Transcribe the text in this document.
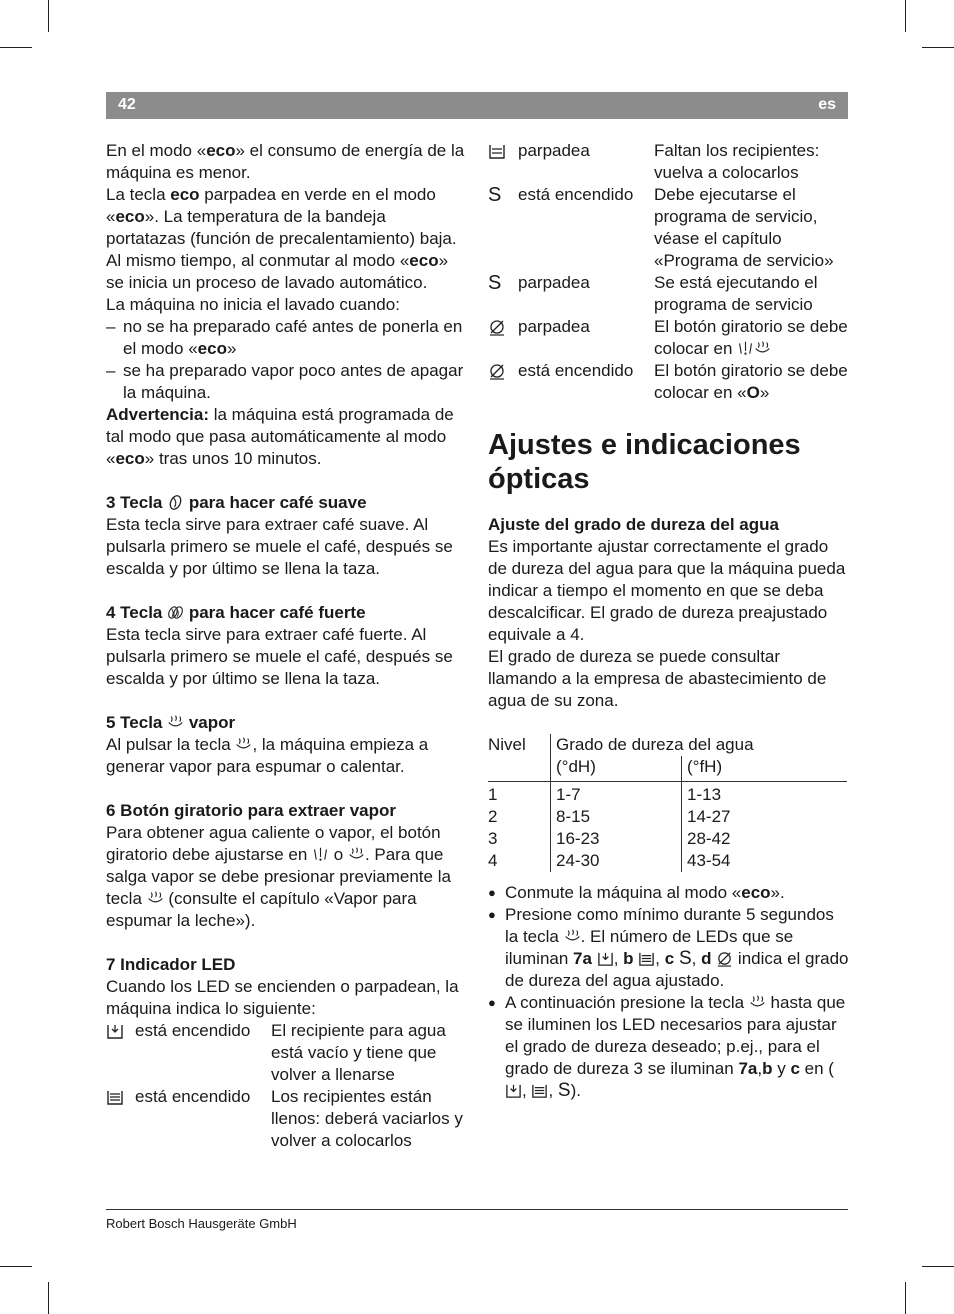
42	es

En el modo «eco» el consumo de energía de la máquina es menor.

La tecla eco parpadea en verde en el modo «eco». La temperatura de la bandeja portatazas (función de precalentamiento) baja.

Al mismo tiempo, al conmutar al modo «eco» se inicia un proceso de lavado automático.

La máquina no inicia el lavado cuando:

– no se ha preparado café antes de ponerla en el modo «eco»

– se ha preparado vapor poco antes de apagar la máquina.

Advertencia: la máquina está programada de tal modo que pasa automáticamente al modo «eco» tras unos 10 minutos.

3 Tecla  para hacer café suave

Esta tecla sirve para extraer café suave. Al pulsarla primero se muele el café, después se escalda y por último se llena la taza.

4 Tecla  para hacer café fuerte

Esta tecla sirve para extraer café fuerte. Al pulsarla primero se muele el café, después se escalda y por último se llena la taza.

5 Tecla  vapor

Al pulsar la tecla , la máquina empieza a generar vapor para espumar o calentar.

6 Botón giratorio para extraer vapor

Para obtener agua caliente o vapor, el botón giratorio debe ajustarse en  o . Para que salga vapor se debe presionar previamente la tecla  (consulte el capítulo «Vapor para espumar la leche»).

7 Indicador LED

Cuando los LED se encienden o parpadean, la máquina indica lo siguiente:

está encendido El recipiente para agua está vacío y tiene que volver a llenarse
está encendido Los recipientes están llenos: deberá vaciarlos y volver a colocarlos
parpadea	Faltan los recipientes: vuelva a colocarlos
S está encendido Debe ejecutarse el programa de servicio, véase el capítulo «Programa de servicio»
S parpadea	Se está ejecutando el programa de servicio
parpadea	El botón giratorio se debe colocar en
está encendido El botón giratorio se debe colocar en «O»
Ajustes e indicaciones ópticas

Ajuste del grado de dureza del agua

Es importante ajustar correctamente el grado de dureza del agua para que la máquina pueda indicar a tiempo el momento en que se deba descalcificar. El grado de dureza preajustado equivale a 4.

El grado de dureza se puede consultar llamando a la empresa de abastecimiento de agua de su zona.

Nivel	Grado de dureza del agua	
	(°dH)	(°fH)
1	1-7	1-13
2	8-15	14-27
3	16-23	28-42
4	24-30	43-54

● Conmute la máquina al modo «eco».

● Presione como mínimo durante 5 segundos la tecla . El número de LEDs que se iluminan 7a , b , c S, d  indica el grado de dureza del agua ajustado.

● A continuación presione la tecla  hasta que se iluminen los LED necesarios para ajustar el grado de dureza deseado; p.ej., para el grado de dureza 3 se iluminan 7a,b y c en (, , S).

Robert Bosch Hausgeräte GmbH
